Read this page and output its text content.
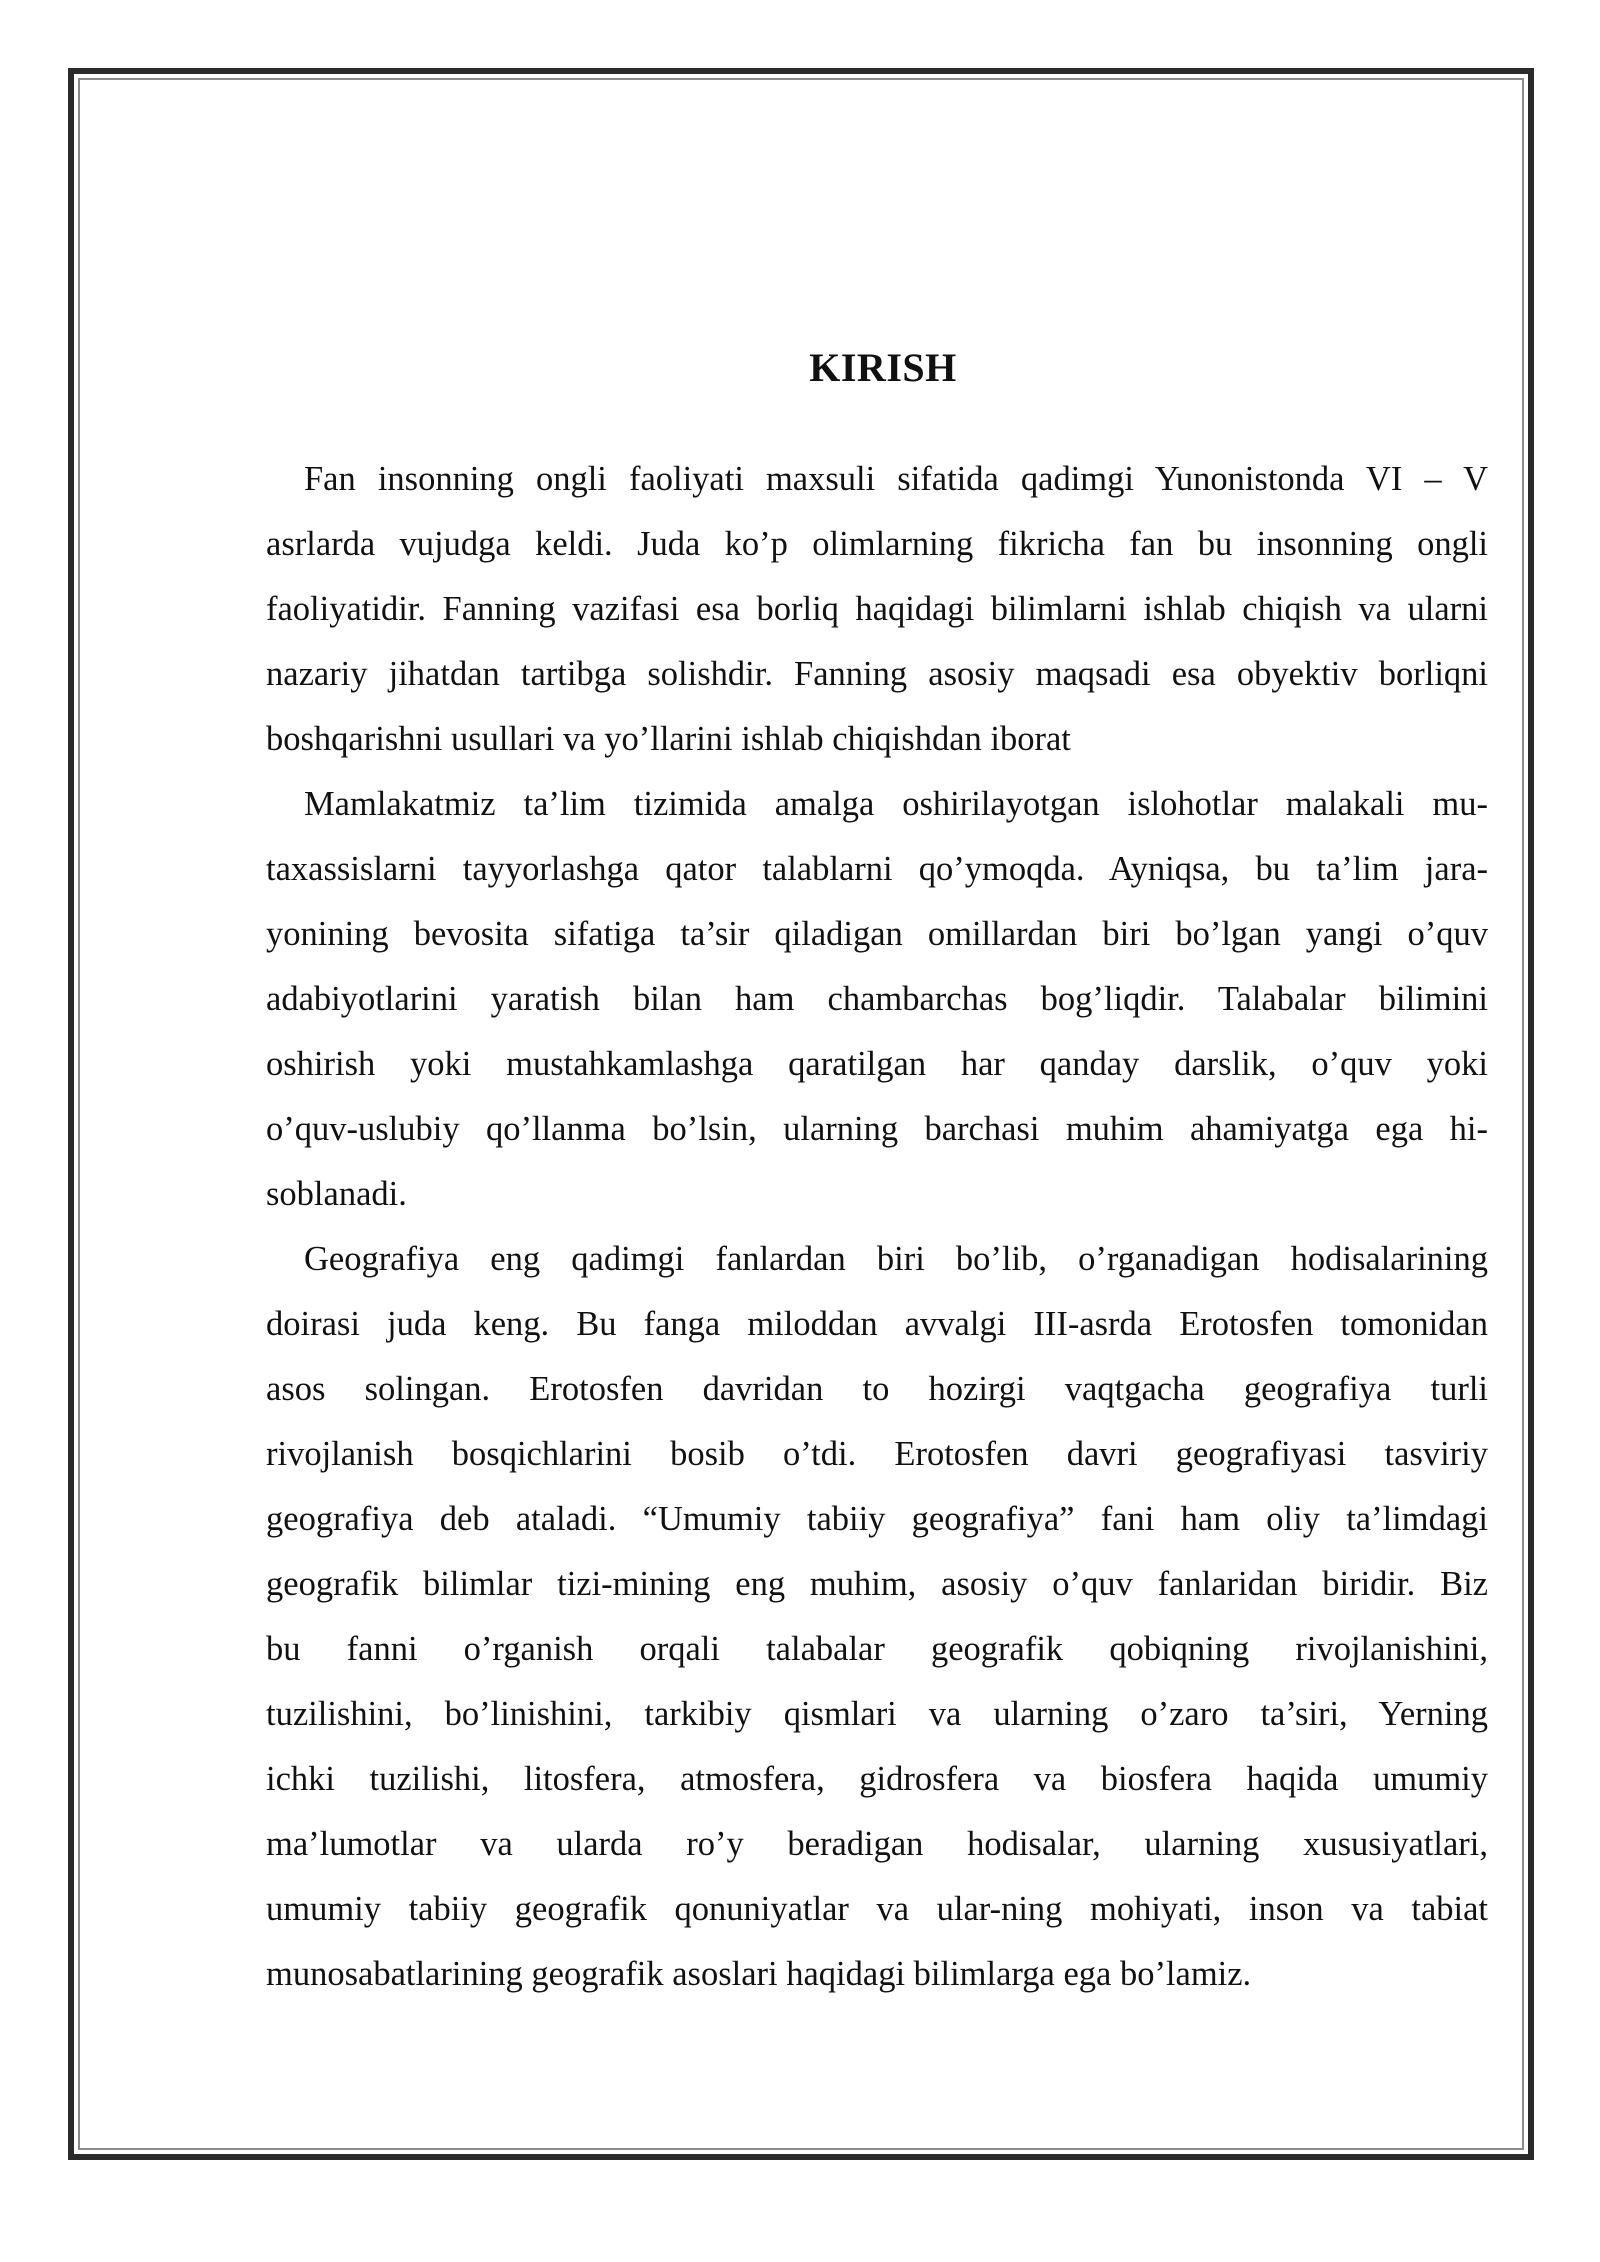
KIRISH
Fan insonning ongli faoliyati maxsuli sifatida qadimgi Yunonistonda VI – V
asrlarda vujudga keldi. Juda ko’p olimlarning fikricha fan bu insonning ongli
faoliyatidir. Fanning vazifasi esa borliq haqidagi bilimlarni ishlab chiqish va ularni
nazariy jihatdan tartibga solishdir. Fanning asosiy maqsadi esa obyektiv borliqni
boshqarishni usullari va yo’llarini ishlab chiqishdan iborat
Mamlakatmiz ta’lim tizimida amalga oshirilayotgan islohotlar malakali mu-
taxassislarni tayyorlashga qator talablarni qo’ymoqda. Ayniqsa, bu ta’lim jara-
yonining bevosita sifatiga ta’sir qiladigan omillardan biri bo’lgan yangi o’quv
adabiyotlarini yaratish bilan ham chambarchas bog’liqdir. Talabalar bilimini
oshirish yoki mustahkamlashga qaratilgan har qanday darslik, o’quv yoki
o’quv-uslubiy qo’llanma bo’lsin, ularning barchasi muhim ahamiyatga ega hi-
soblanadi.
Geografiya eng qadimgi fanlardan biri bo’lib, o’rganadigan hodisalarining
doirasi juda keng. Bu fanga miloddan avvalgi III-asrda Erotosfen tomonidan
asos solingan. Erotosfen davridan to hozirgi vaqtgacha geografiya turli
rivojlanish bosqichlarini bosib o’tdi. Erotosfen davri geografiyasi tasviriy
geografiya deb ataladi. “Umumiy tabiiy geografiya” fani ham oliy ta’limdagi
geografik bilimlar tizi-mining eng muhim, asosiy o’quv fanlaridan biridir. Biz
bu fanni o’rganish orqali talabalar geografik qobiqning rivojlanishini,
tuzilishini, bo’linishini, tarkibiy qismlari va ularning o’zaro ta’siri, Yerning
ichki tuzilishi, litosfera, atmosfera, gidrosfera va biosfera haqida umumiy
ma’lumotlar va ularda ro’y beradigan hodisalar, ularning xususiyatlari,
umumiy tabiiy geografik qonuniyatlar va ular-ning mohiyati, inson va tabiat
munosabatlarining geografik asoslari haqidagi bilimlarga ega bo’lamiz.
